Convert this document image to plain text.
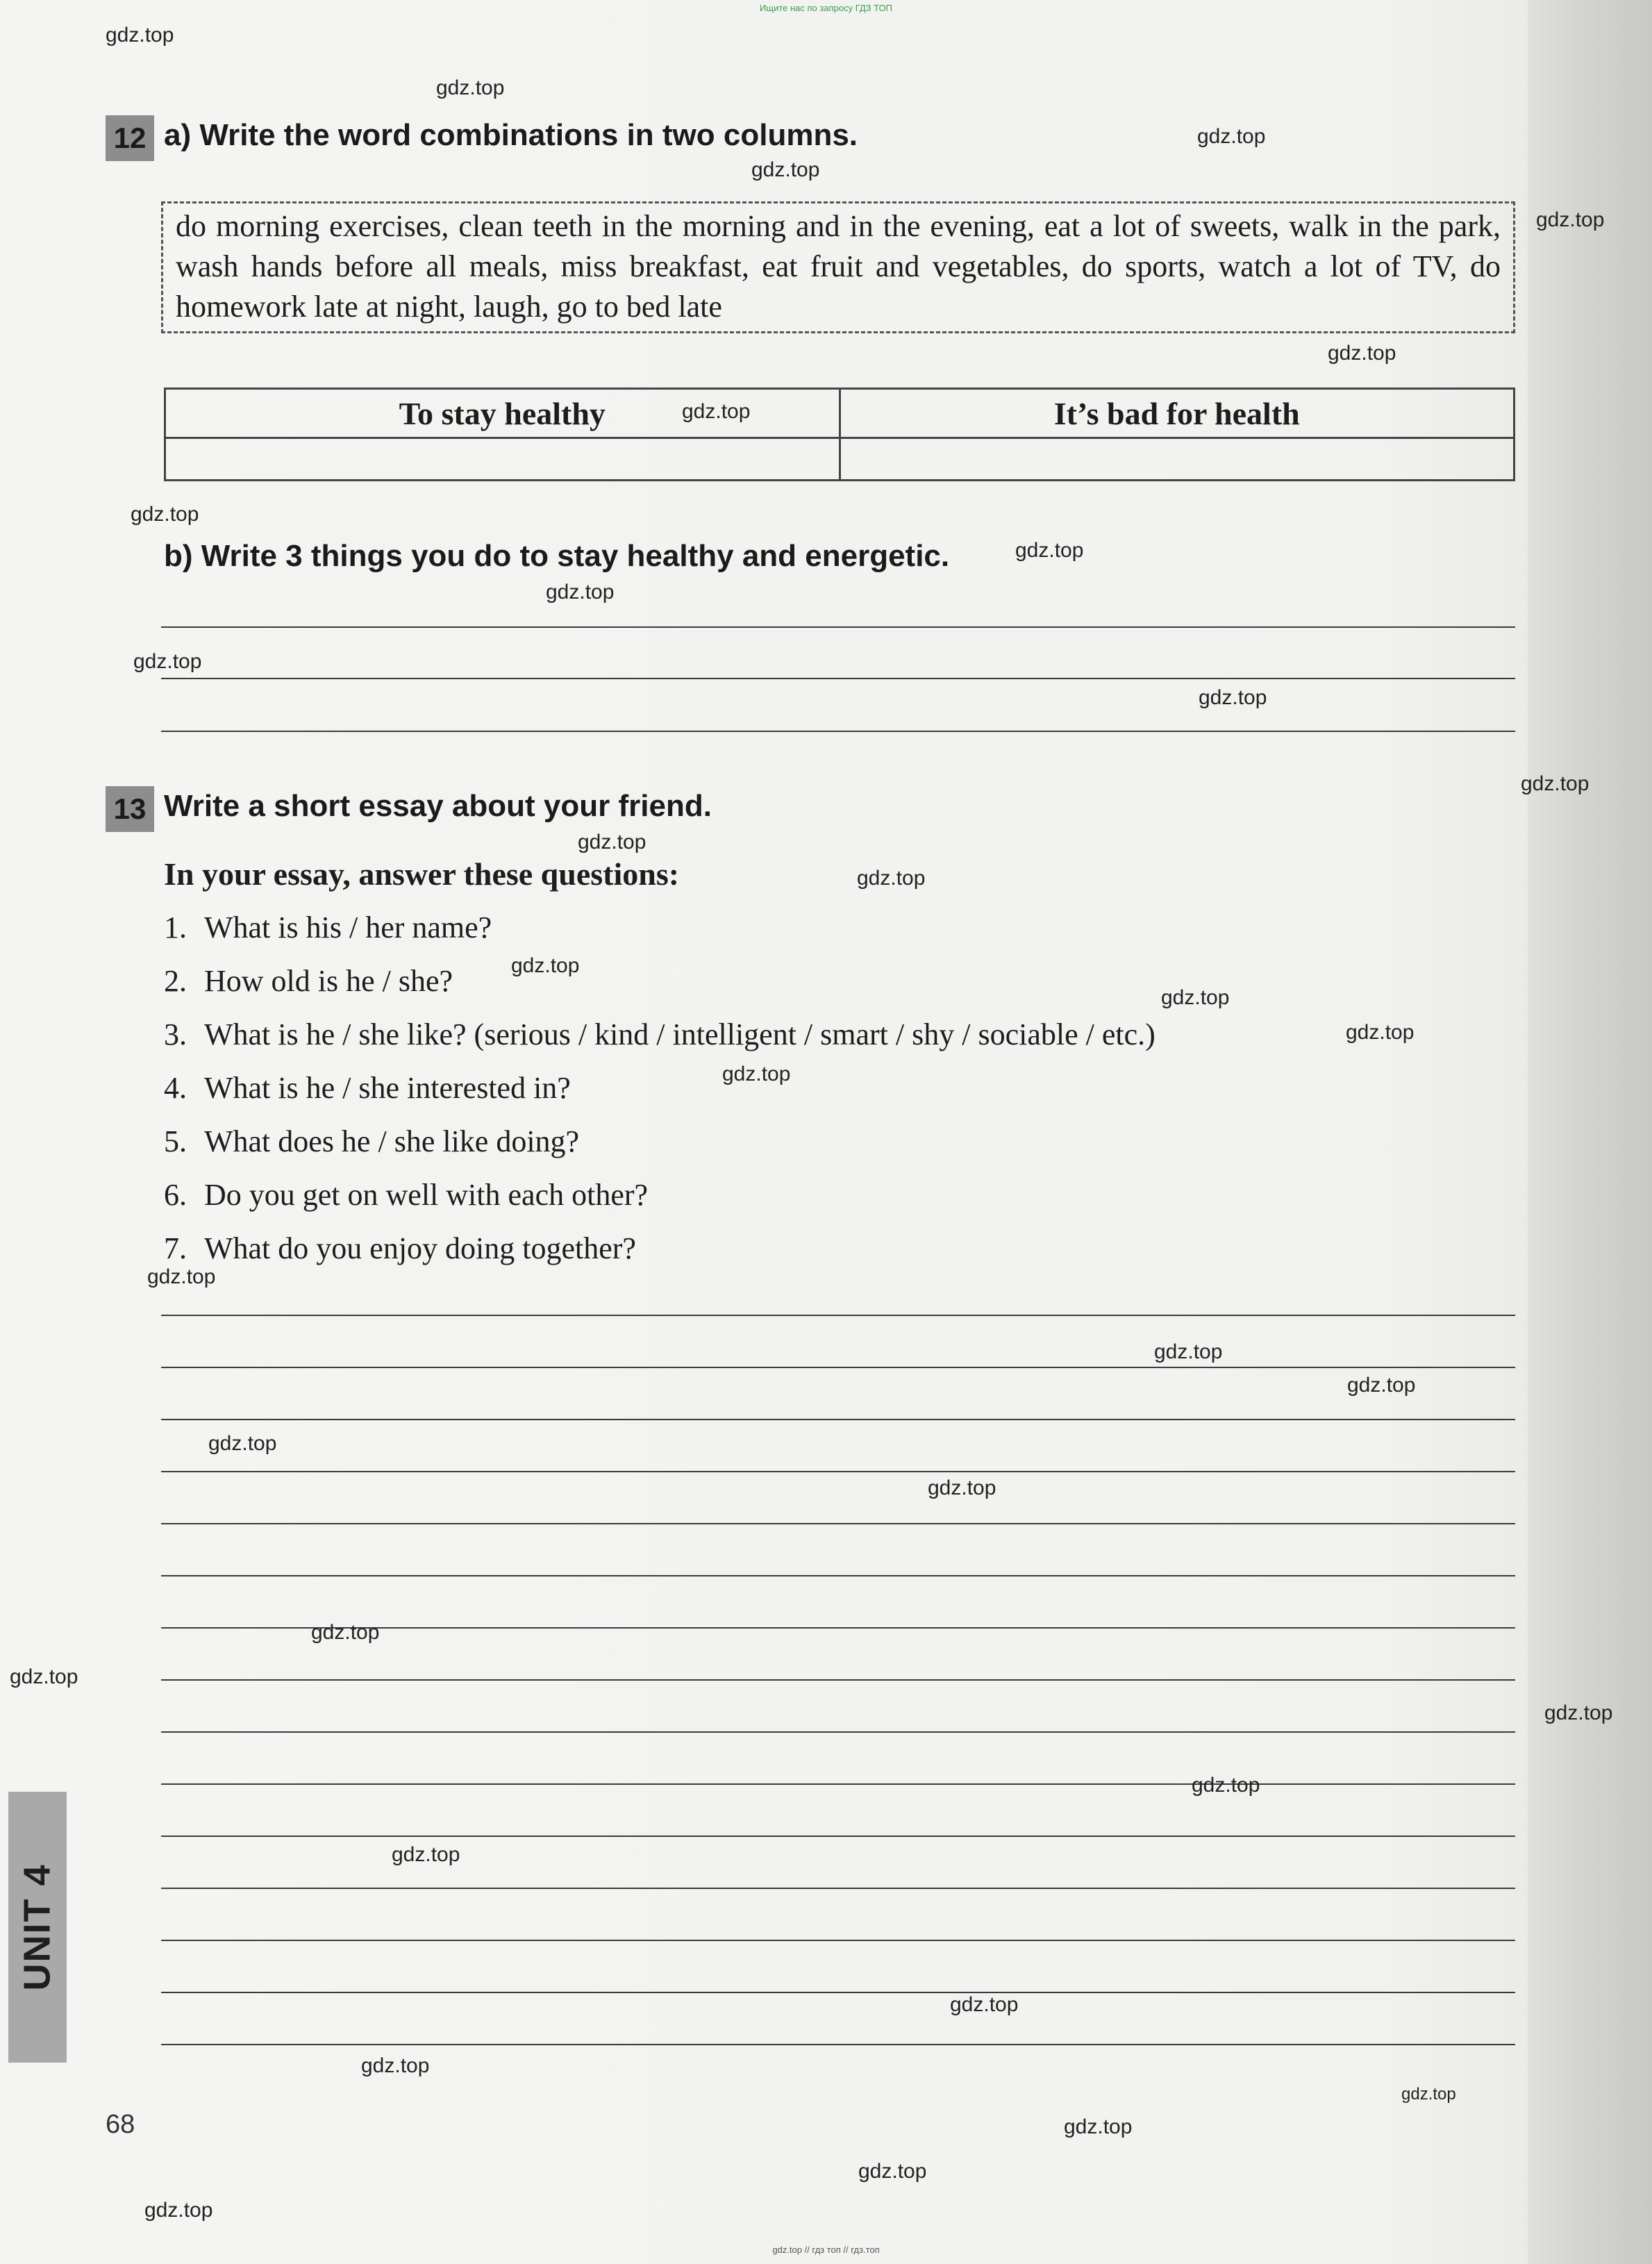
Ищите нас по запросу ГДЗ ТОП
12 a) Write the word combinations in two columns.
do morning exercises, clean teeth in the morning and in the evening, eat a lot of sweets, walk in the park, wash hands before all meals, miss breakfast, eat fruit and vegetables, do sports, watch a lot of TV, do homework late at night, laugh, go to bed late
To stay healthy	It’s bad for health

b) Write 3 things you do to stay healthy and energetic.
13 Write a short essay about your friend.
In your essay, answer these questions:
1. What is his / her name?
2. How old is he / she?
3. What is he / she like? (serious / kind / intelligent / smart / shy / sociable / etc.)
4. What is he / she interested in?
5. What does he / she like doing?
6. Do you get on well with each other?
7. What do you enjoy doing together?
UNIT 4
68
gdz.top
gdz.top
gdz.top
gdz.top
gdz.top
gdz.top
gdz.top
gdz.top
gdz.top
gdz.top
gdz.top
gdz.top
gdz.top
gdz.top
gdz.top
gdz.top
gdz.top
gdz.top
gdz.top
gdz.top
gdz.top
gdz.top
gdz.top
gdz.top
gdz.top
gdz.top
gdz.top
gdz.top
gdz.top
gdz.top
gdz.top
gdz.top
gdz.top
gdz.top
gdz.top
gdz.top // гдз топ // гдз.топ
